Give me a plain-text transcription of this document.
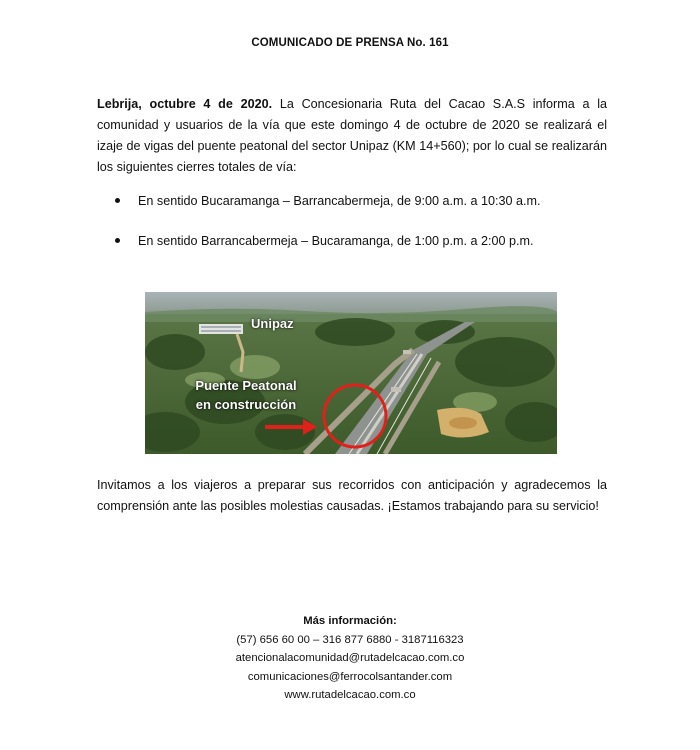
COMUNICADO DE PRENSA No. 161

Lebrija, octubre 4 de 2020. La Concesionaria Ruta del Cacao S.A.S informa a la comunidad y usuarios de la vía que este domingo 4 de octubre de 2020 se realizará el izaje de vigas del puente peatonal del sector Unipaz (KM 14+560); por lo cual se realizarán los siguientes cierres totales de vía:

En sentido Bucaramanga – Barrancabermeja, de 9:00 a.m. a 10:30 a.m.
En sentido Barrancabermeja – Bucaramanga, de 1:00 p.m. a 2:00 p.m.
Unipaz
Puente Peatonal
en construcción

Invitamos a los viajeros a preparar sus recorridos con anticipación y agradecemos la comprensión ante las posibles molestias causadas. ¡Estamos trabajando para su servicio!

Más información:
(57) 656 60 00 – 316 877 6880 - 3187116323
atencionalacomunidad@rutadelcacao.com.co
comunicaciones@ferrocolsantander.com
www.rutadelcacao.com.co
